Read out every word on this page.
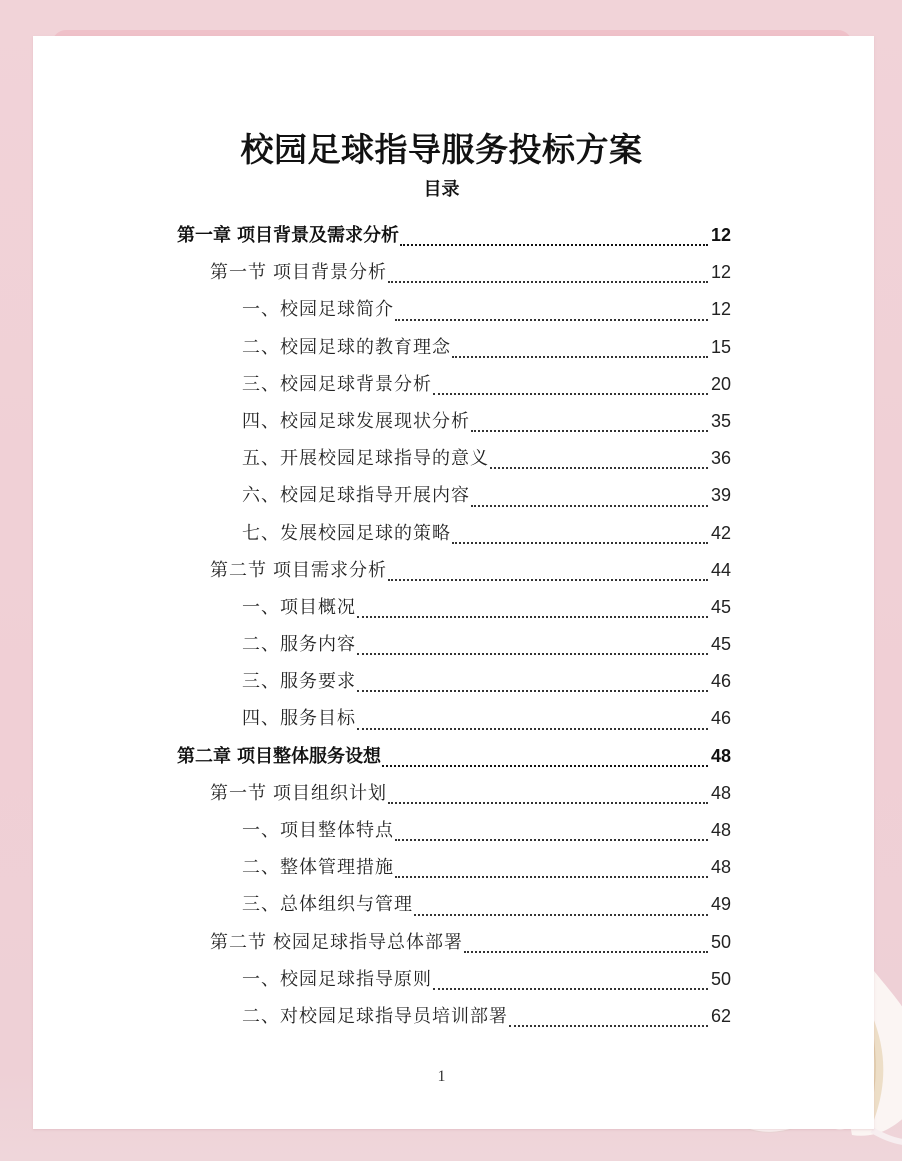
校园足球指导服务投标方案
目录
第一章 项目背景及需求分析	12
第一节 项目背景分析	12
一、校园足球简介	12
二、校园足球的教育理念	15
三、校园足球背景分析	20
四、校园足球发展现状分析	35
五、开展校园足球指导的意义	36
六、校园足球指导开展内容	39
七、发展校园足球的策略	42
第二节 项目需求分析	44
一、项目概况	45
二、服务内容	45
三、服务要求	46
四、服务目标	46
第二章 项目整体服务设想	48
第一节 项目组织计划	48
一、项目整体特点	48
二、整体管理措施	48
三、总体组织与管理	49
第二节 校园足球指导总体部署	50
一、校园足球指导原则	50
二、对校园足球指导员培训部署	62
1
